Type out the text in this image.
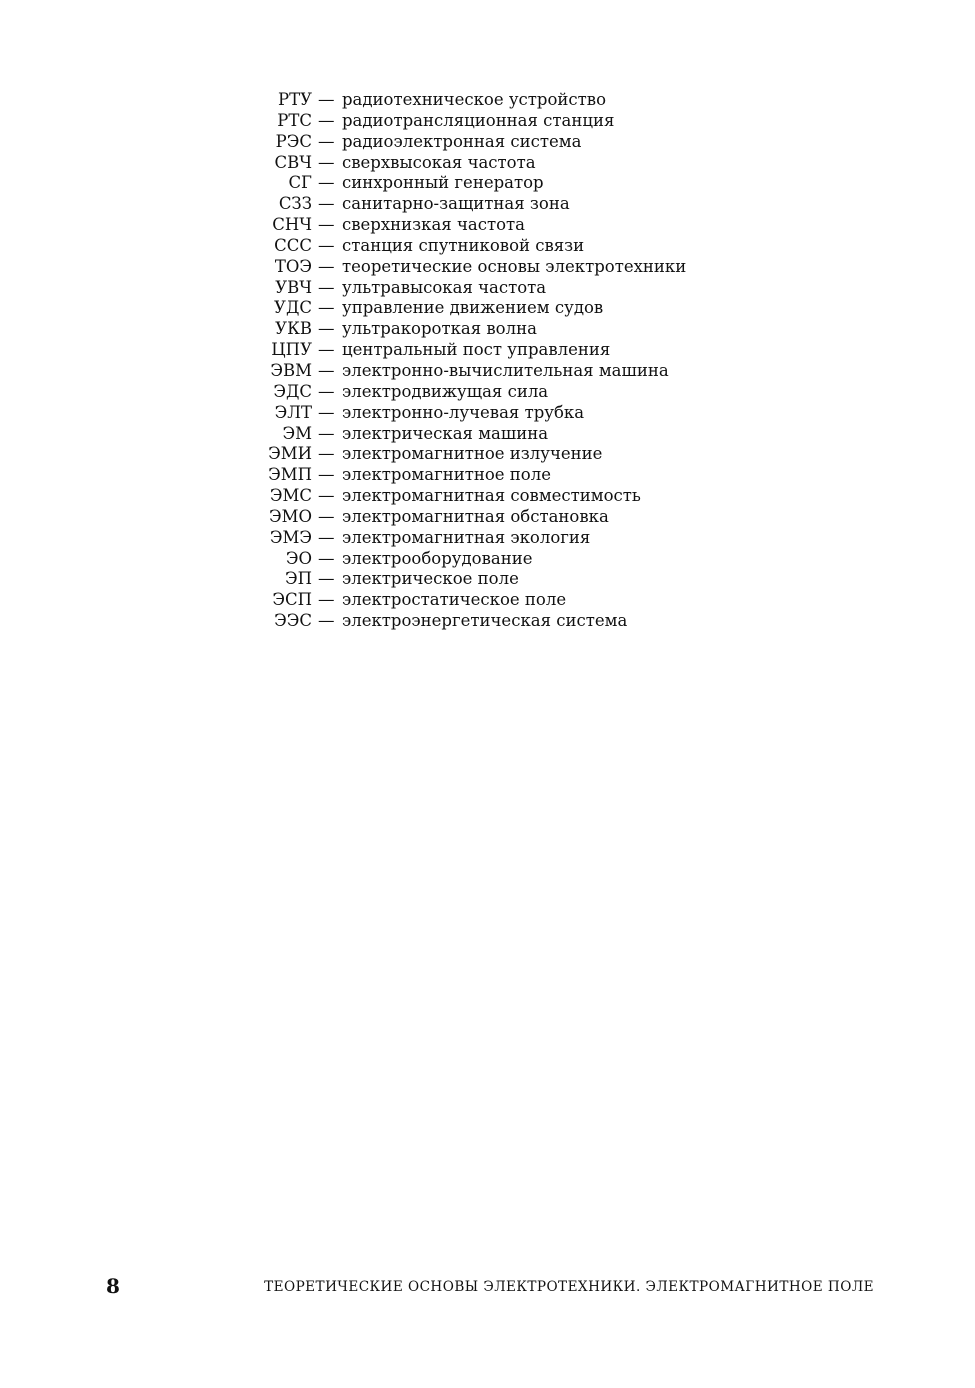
РТУ — радиотехническое устройство
РТС — радиотрансляционная станция
РЭС — радиоэлектронная система
СВЧ — сверхвысокая частота
СГ — синхронный генератор
СЗЗ — санитарно-защитная зона
СНЧ — сверхнизкая частота
ССС — станция спутниковой связи
ТОЭ — теоретические основы электротехники
УВЧ — ультравысокая частота
УДС — управление движением судов
УКВ — ультракороткая волна
ЦПУ — центральный пост управления
ЭВМ — электронно-вычислительная машина
ЭДС — электродвижущая сила
ЭЛТ — электронно-лучевая трубка
ЭМ — электрическая машина
ЭМИ — электромагнитное излучение
ЭМП — электромагнитное поле
ЭМС — электромагнитная совместимость
ЭМО — электромагнитная обстановка
ЭМЭ — электромагнитная экология
ЭО — электрооборудование
ЭП — электрическое поле
ЭСП — электростатическое поле
ЭЭС — электроэнергетическая система
8	ТЕОРЕТИЧЕСКИЕ ОСНОВЫ ЭЛЕКТРОТЕХНИКИ. ЭЛЕКТРОМАГНИТНОЕ ПОЛЕ
